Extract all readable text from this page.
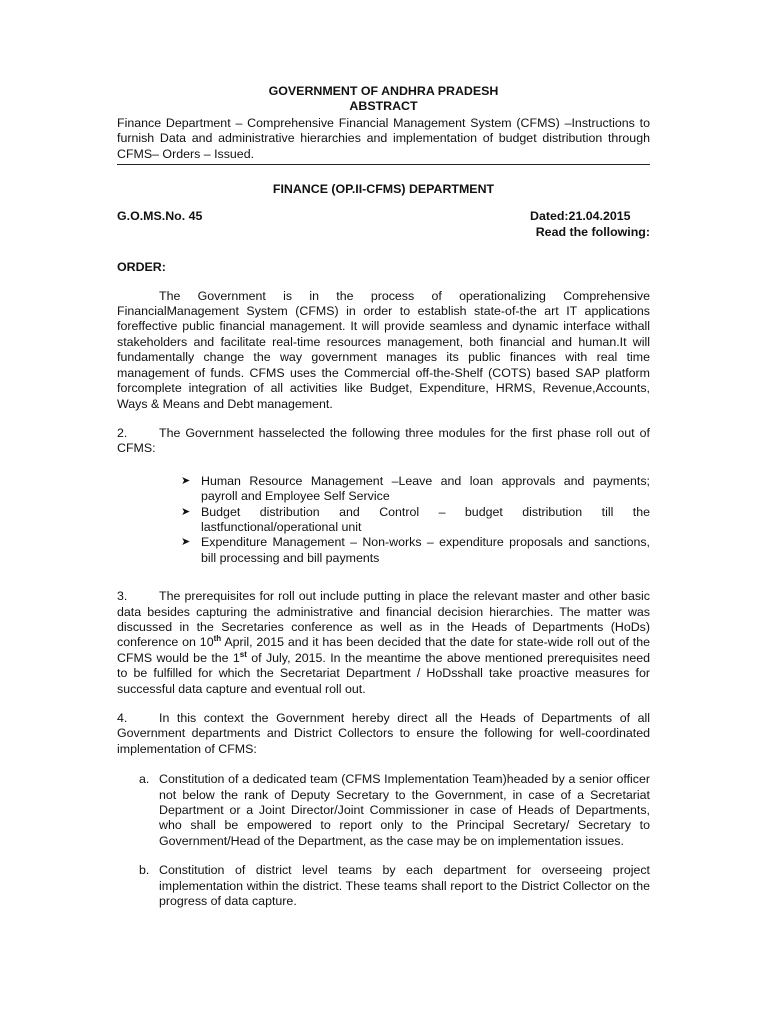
GOVERNMENT OF ANDHRA PRADESH
ABSTRACT
Finance Department – Comprehensive Financial Management System (CFMS) –Instructions to furnish Data and administrative hierarchies and implementation of budget distribution through CFMS– Orders – Issued.
FINANCE (OP.II-CFMS) DEPARTMENT
G.O.MS.No. 45	Dated:21.04.2015
Read the following:
ORDER:

The Government is in the process of operationalizing Comprehensive FinancialManagement System (CFMS) in order to establish state-of-the art IT applications foreffective public financial management. It will provide seamless and dynamic interface withall stakeholders and facilitate real-time resources management, both financial and human.It will fundamentally change the way government manages its public finances with real time management of funds. CFMS uses the Commercial off-the-Shelf (COTS) based SAP platform forcomplete integration of all activities like Budget, Expenditure, HRMS, Revenue,Accounts, Ways & Means and Debt management.

2.	The Government hasselected the following three modules for the first phase roll out of CFMS:

➤ Human Resource Management –Leave and loan approvals and payments; payroll and Employee Self Service
➤ Budget distribution and Control – budget distribution till the lastfunctional/operational unit
➤ Expenditure Management – Non-works – expenditure proposals and sanctions, bill processing and bill payments

3.	The prerequisites for roll out include putting in place the relevant master and other basic data besides capturing the administrative and financial decision hierarchies. The matter was discussed in the Secretaries conference as well as in the Heads of Departments (HoDs) conference on 10th April, 2015 and it has been decided that the date for state-wide roll out of the CFMS would be the 1st of July, 2015. In the meantime the above mentioned prerequisites need to be fulfilled for which the Secretariat Department / HoDsshall take proactive measures for successful data capture and eventual roll out.

4.	In this context the Government hereby direct all the Heads of Departments of all Government departments and District Collectors to ensure the following for well-coordinated implementation of CFMS:

a. Constitution of a dedicated team (CFMS Implementation Team)headed by a senior officer not below the rank of Deputy Secretary to the Government, in case of a Secretariat Department or a Joint Director/Joint Commissioner in case of Heads of Departments, who shall be empowered to report only to the Principal Secretary/ Secretary to Government/Head of the Department, as the case may be on implementation issues.
b. Constitution of district level teams by each department for overseeing project implementation within the district. These teams shall report to the District Collector on the progress of data capture.
